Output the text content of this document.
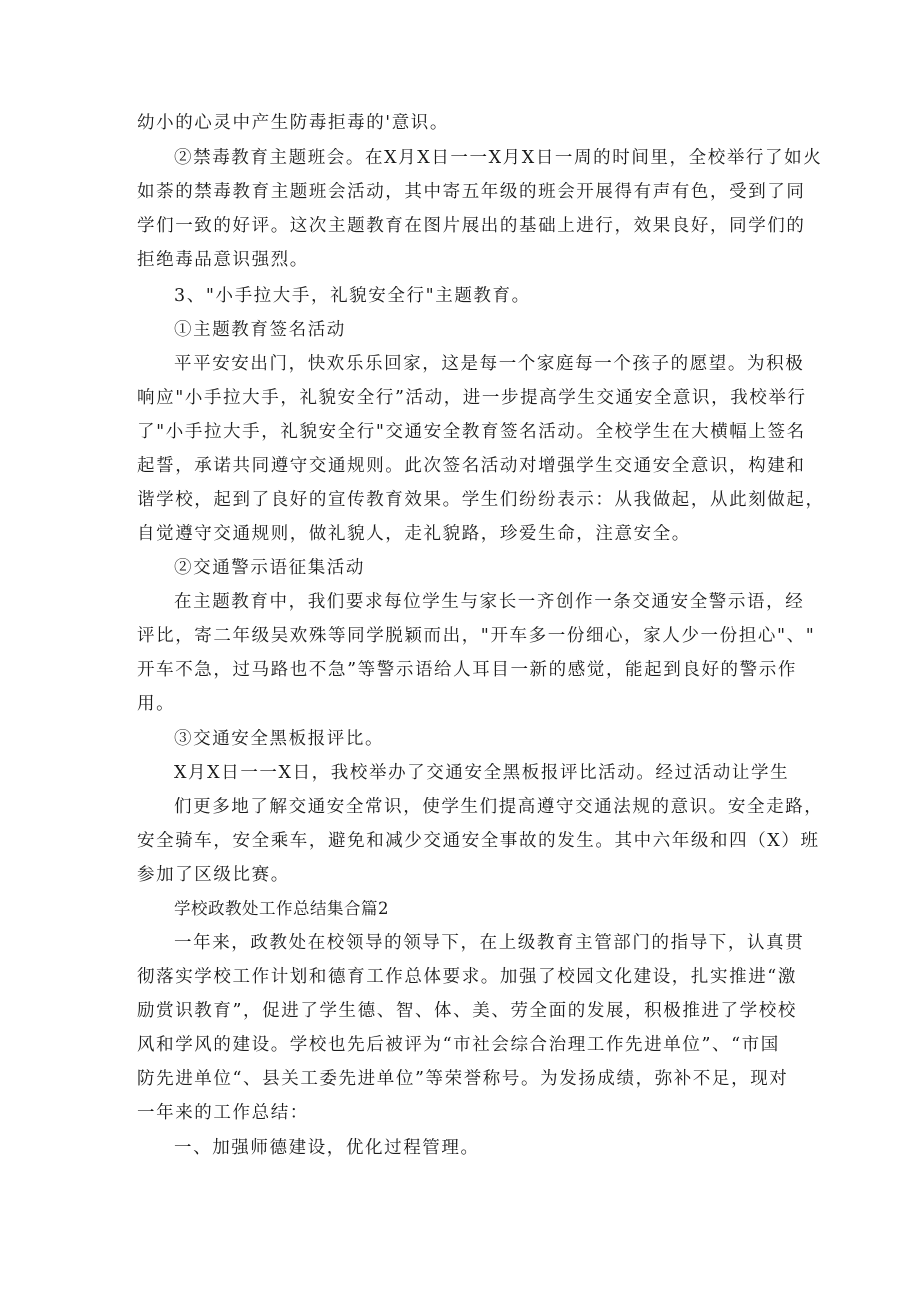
幼小的心灵中产生防毒拒毒的'意识。
②禁毒教育主题班会。在X月X日一一X月X日一周的时间里，全校举行了如火
如荼的禁毒教育主题班会活动，其中寄五年级的班会开展得有声有色，受到了同
学们一致的好评。这次主题教育在图片展出的基础上进行，效果良好，同学们的
拒绝毒品意识强烈。
3、"小手拉大手，礼貌安全行"主题教育。
①主题教育签名活动
平平安安出门，快欢乐乐回家，这是每一个家庭每一个孩子的愿望。为积极
响应"小手拉大手，礼貌安全行”活动，进一步提高学生交通安全意识，我校举行
了"小手拉大手，礼貌安全行"交通安全教育签名活动。全校学生在大横幅上签名
起誓，承诺共同遵守交通规则。此次签名活动对增强学生交通安全意识，构建和
谐学校，起到了良好的宣传教育效果。学生们纷纷表示：从我做起，从此刻做起，
自觉遵守交通规则，做礼貌人，走礼貌路，珍爱生命，注意安全。
②交通警示语征集活动
在主题教育中，我们要求每位学生与家长一齐创作一条交通安全警示语，经
评比，寄二年级吴欢殊等同学脱颖而出，"开车多一份细心，家人少一份担心"、"
开车不急，过马路也不急”等警示语给人耳目一新的感觉，能起到良好的警示作
用。
③交通安全黑板报评比。
X月X日一一X日，我校举办了交通安全黑板报评比活动。经过活动让学生
们更多地了解交通安全常识，使学生们提高遵守交通法规的意识。安全走路，
安全骑车，安全乘车，避免和减少交通安全事故的发生。其中六年级和四（X）班
参加了区级比赛。
学校政教处工作总结集合篇2
一年来，政教处在校领导的领导下，在上级教育主管部门的指导下，认真贯
彻落实学校工作计划和德育工作总体要求。加强了校园文化建设，扎实推进“激
励赏识教育”，促进了学生德、智、体、美、劳全面的发展，积极推进了学校校
风和学风的建设。学校也先后被评为“市社会综合治理工作先进单位”、“市国
防先进单位“、县关工委先进单位”等荣誉称号。为发扬成绩，弥补不足，现对
一年来的工作总结：
一、加强师德建设，优化过程管理。
